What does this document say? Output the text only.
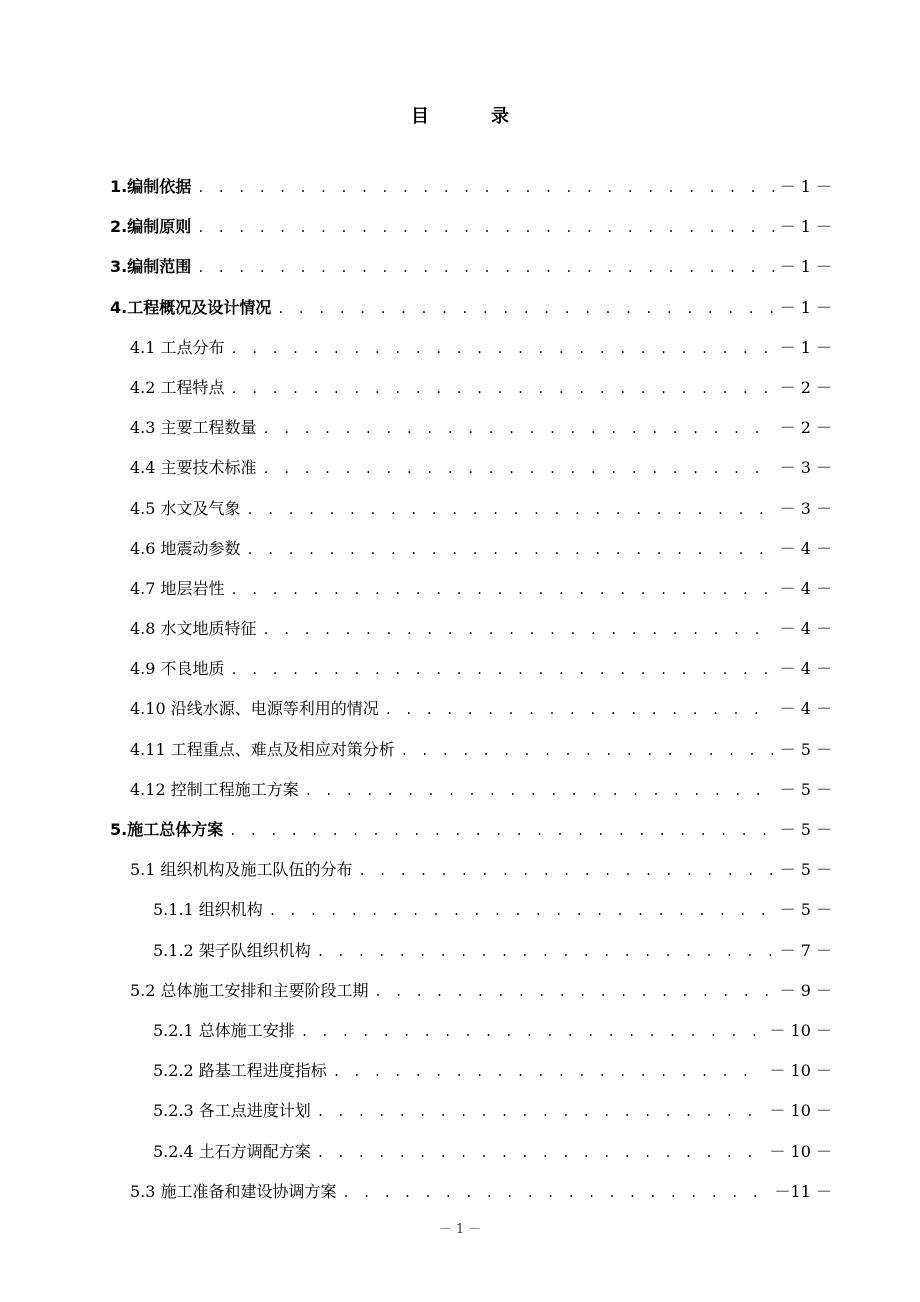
目　录
1.编制依据 . . .	－ 1 －
2.编制原则 . . .	－ 1 －
3.编制范围 . . .	－ 1 －
4.工程概况及设计情况 . . .	－ 1 －
4.1 工点分布 . . .	－ 1 －
4.2 工程特点 . . .	－ 2 －
4.3 主要工程数量 . . .	－ 2 －
4.4 主要技术标准 . . .	－ 3 －
4.5 水文及气象 . . .	－ 3 －
4.6 地震动参数 . . .	－ 4 －
4.7 地层岩性 . . .	－ 4 －
4.8 水文地质特征 . . .	－ 4 －
4.9 不良地质 . . .	－ 4 －
4.10 沿线水源、电源等利用的情况 . . .	－ 4 －
4.11 工程重点、难点及相应对策分析 . . .	－ 5 －
4.12 控制工程施工方案 . . .	－ 5 －
5.施工总体方案 . . .	－ 5 －
5.1 组织机构及施工队伍的分布 . . .	－ 5 －
5.1.1 组织机构 . . .	－ 5 －
5.1.2 架子队组织机构 . . .	－ 7 －
5.2 总体施工安排和主要阶段工期 . . .	－ 9 －
5.2.1 总体施工安排 . . .	－ 10 －
5.2.2 路基工程进度指标 . . .	－ 10 －
5.2.3 各工点进度计划 . . .	－ 10 －
5.2.4 土石方调配方案 . . .	－ 10 －
5.3 施工准备和建设协调方案 . . .	－11 －
－ 1 －
